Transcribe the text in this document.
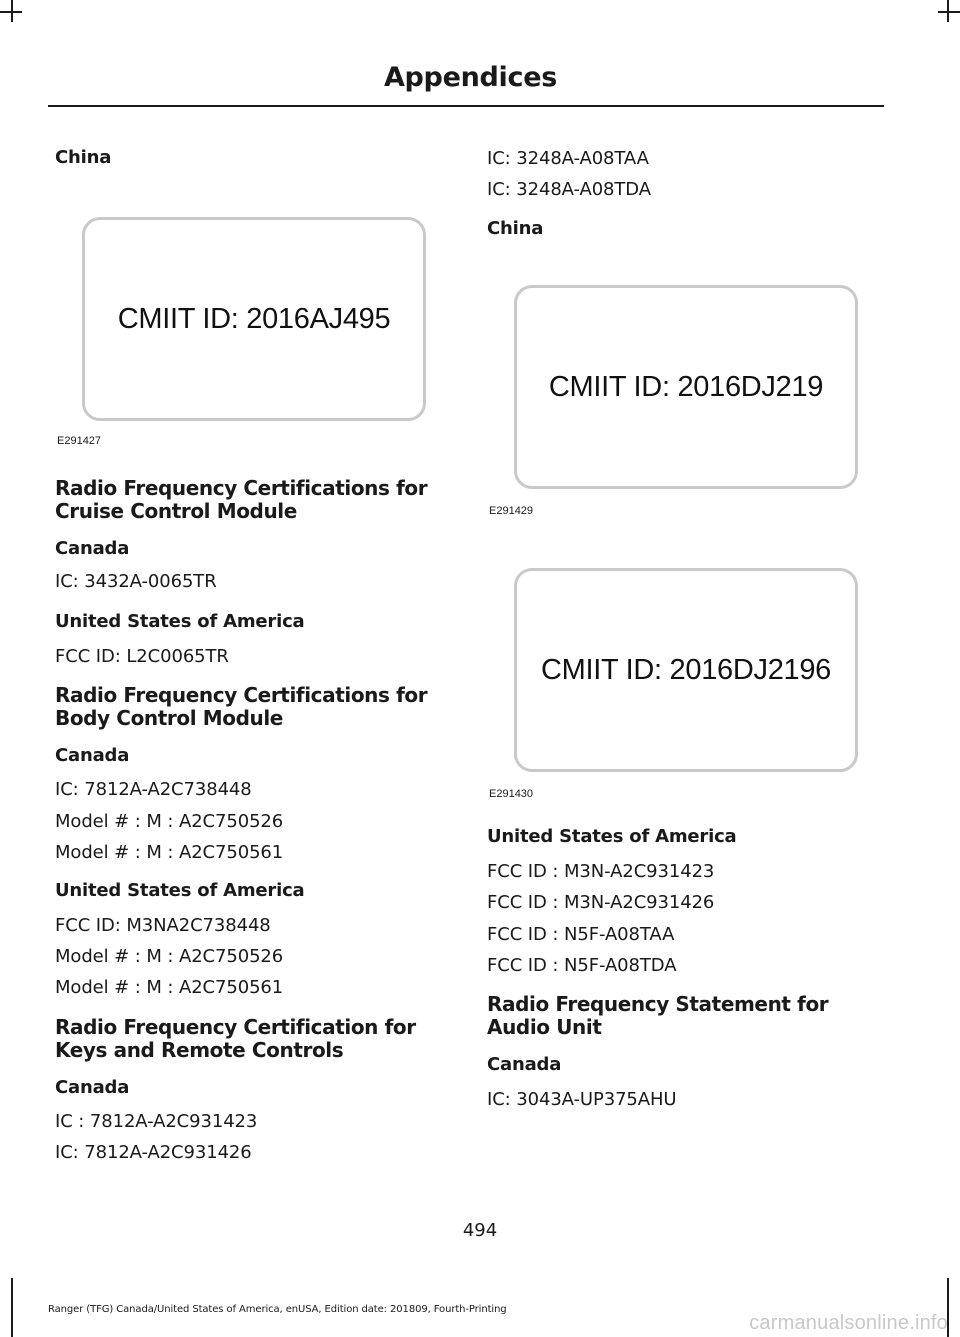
Appendices
China
CMIIT ID: 2016AJ495
E291427
Radio Frequency Certifications for
Cruise Control Module
Canada
IC: 3432A-0065TR
United States of America
FCC ID: L2C0065TR
Radio Frequency Certifications for
Body Control Module
Canada
IC: 7812A-A2C738448
Model # : M : A2C750526
Model # : M : A2C750561
United States of America
FCC ID: M3NA2C738448
Model # : M : A2C750526
Model # : M : A2C750561
Radio Frequency Certification for
Keys and Remote Controls
Canada
IC : 7812A-A2C931423
IC: 7812A-A2C931426
IC: 3248A-A08TAA
IC: 3248A-A08TDA
China
CMIIT ID: 2016DJ219
E291429
CMIIT ID: 2016DJ2196
E291430
United States of America
FCC ID : M3N-A2C931423
FCC ID : M3N-A2C931426
FCC ID : N5F-A08TAA
FCC ID : N5F-A08TDA
Radio Frequency Statement for
Audio Unit
Canada
IC: 3043A-UP375AHU
494
Ranger (TFG) Canada/United States of America, enUSA, Edition date: 201809, Fourth-Printing
carmanualsonline.info
